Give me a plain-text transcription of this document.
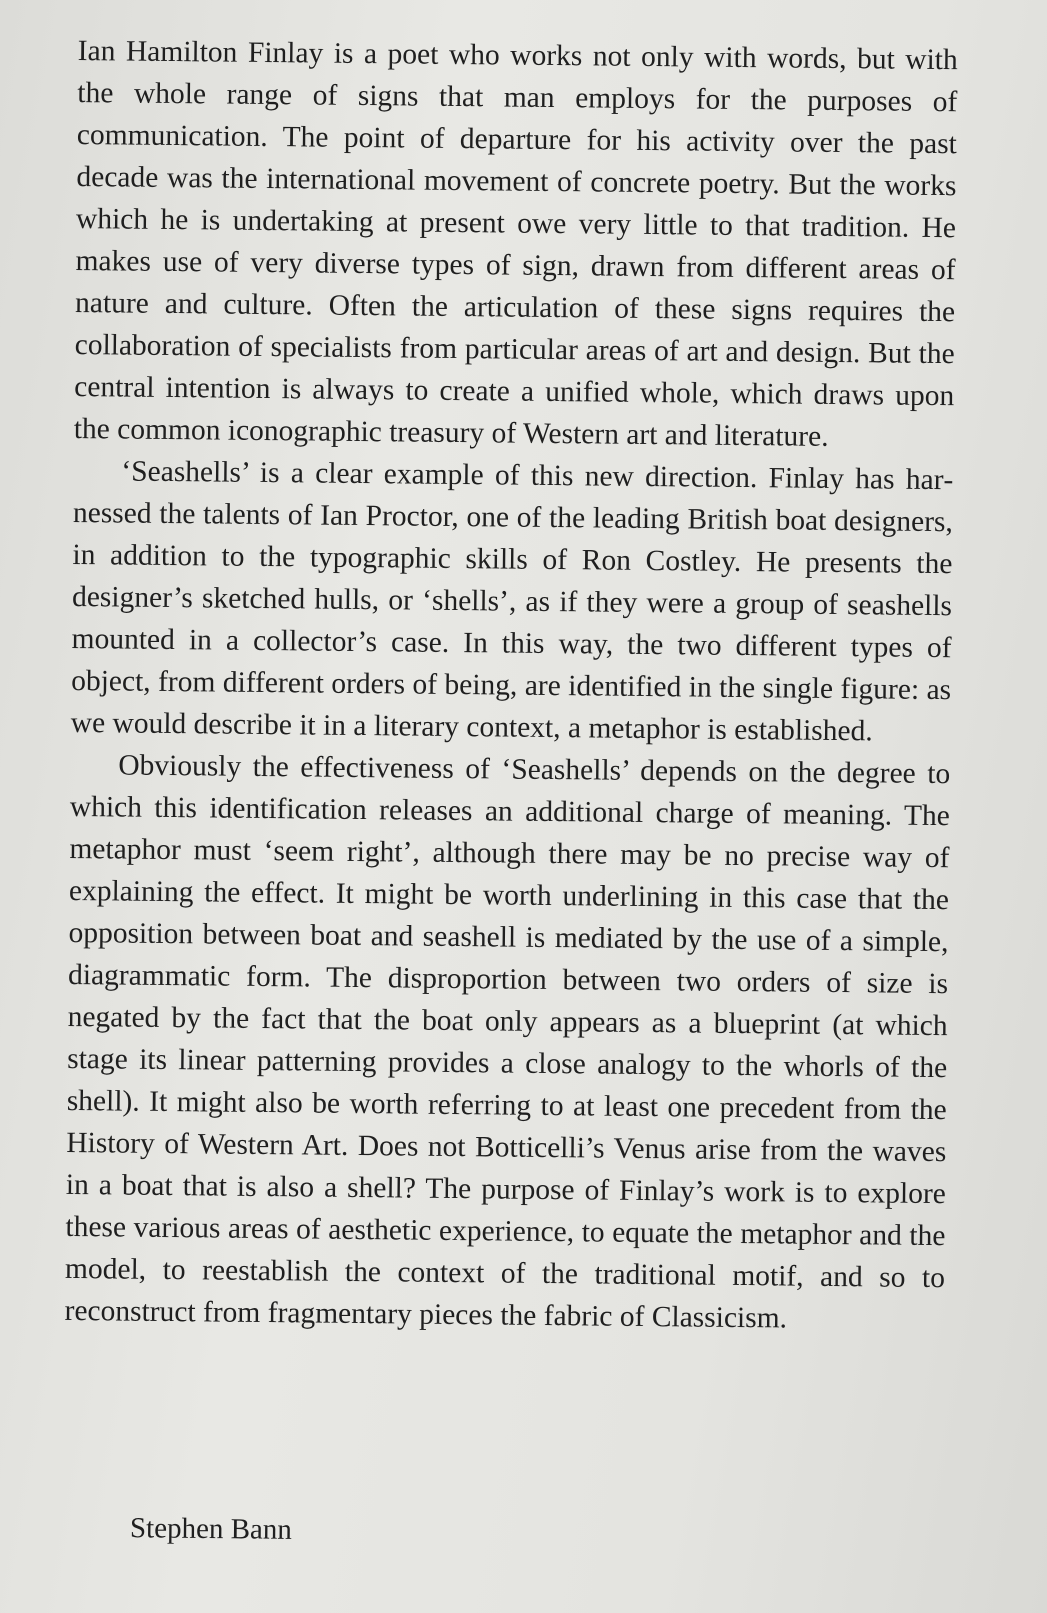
Ian Hamilton Finlay is a poet who works not only with words, but with the whole range of signs that man employs for the purposes of communication. The point of departure for his activity over the past decade was the international movement of concrete poetry. But the works which he is undertaking at present owe very little to that tradition. He makes use of very diverse types of sign, drawn from different areas of nature and culture. Often the articulation of these signs requires the collaboration of specialists from particular areas of art and design. But the central intention is always to create a unified whole, which draws upon the common iconographic treasury of Western art and literature.

‘Seashells’ is a clear example of this new direction. Finlay has harnessed the talents of Ian Proctor, one of the leading British boat designers, in addition to the typographic skills of Ron Costley. He presents the designer’s sketched hulls, or ‘shells’, as if they were a group of seashells mounted in a collector’s case. In this way, the two different types of object, from different orders of being, are identified in the single figure: as we would describe it in a literary context, a metaphor is established.

Obviously the effectiveness of ‘Seashells’ depends on the degree to which this identification releases an additional charge of meaning. The metaphor must ‘seem right’, although there may be no precise way of explaining the effect. It might be worth underlining in this case that the opposition between boat and seashell is mediated by the use of a simple, diagrammatic form. The disproportion between two orders of size is negated by the fact that the boat only appears as a blueprint (at which stage its linear patterning provides a close analogy to the whorls of the shell). It might also be worth referring to at least one precedent from the History of Western Art. Does not Botticelli’s Venus arise from the waves in a boat that is also a shell? The purpose of Finlay’s work is to explore these various areas of aesthetic experience, to equate the metaphor and the model, to reestablish the context of the traditional motif, and so to reconstruct from fragmentary pieces the fabric of Classicism.

Stephen Bann
